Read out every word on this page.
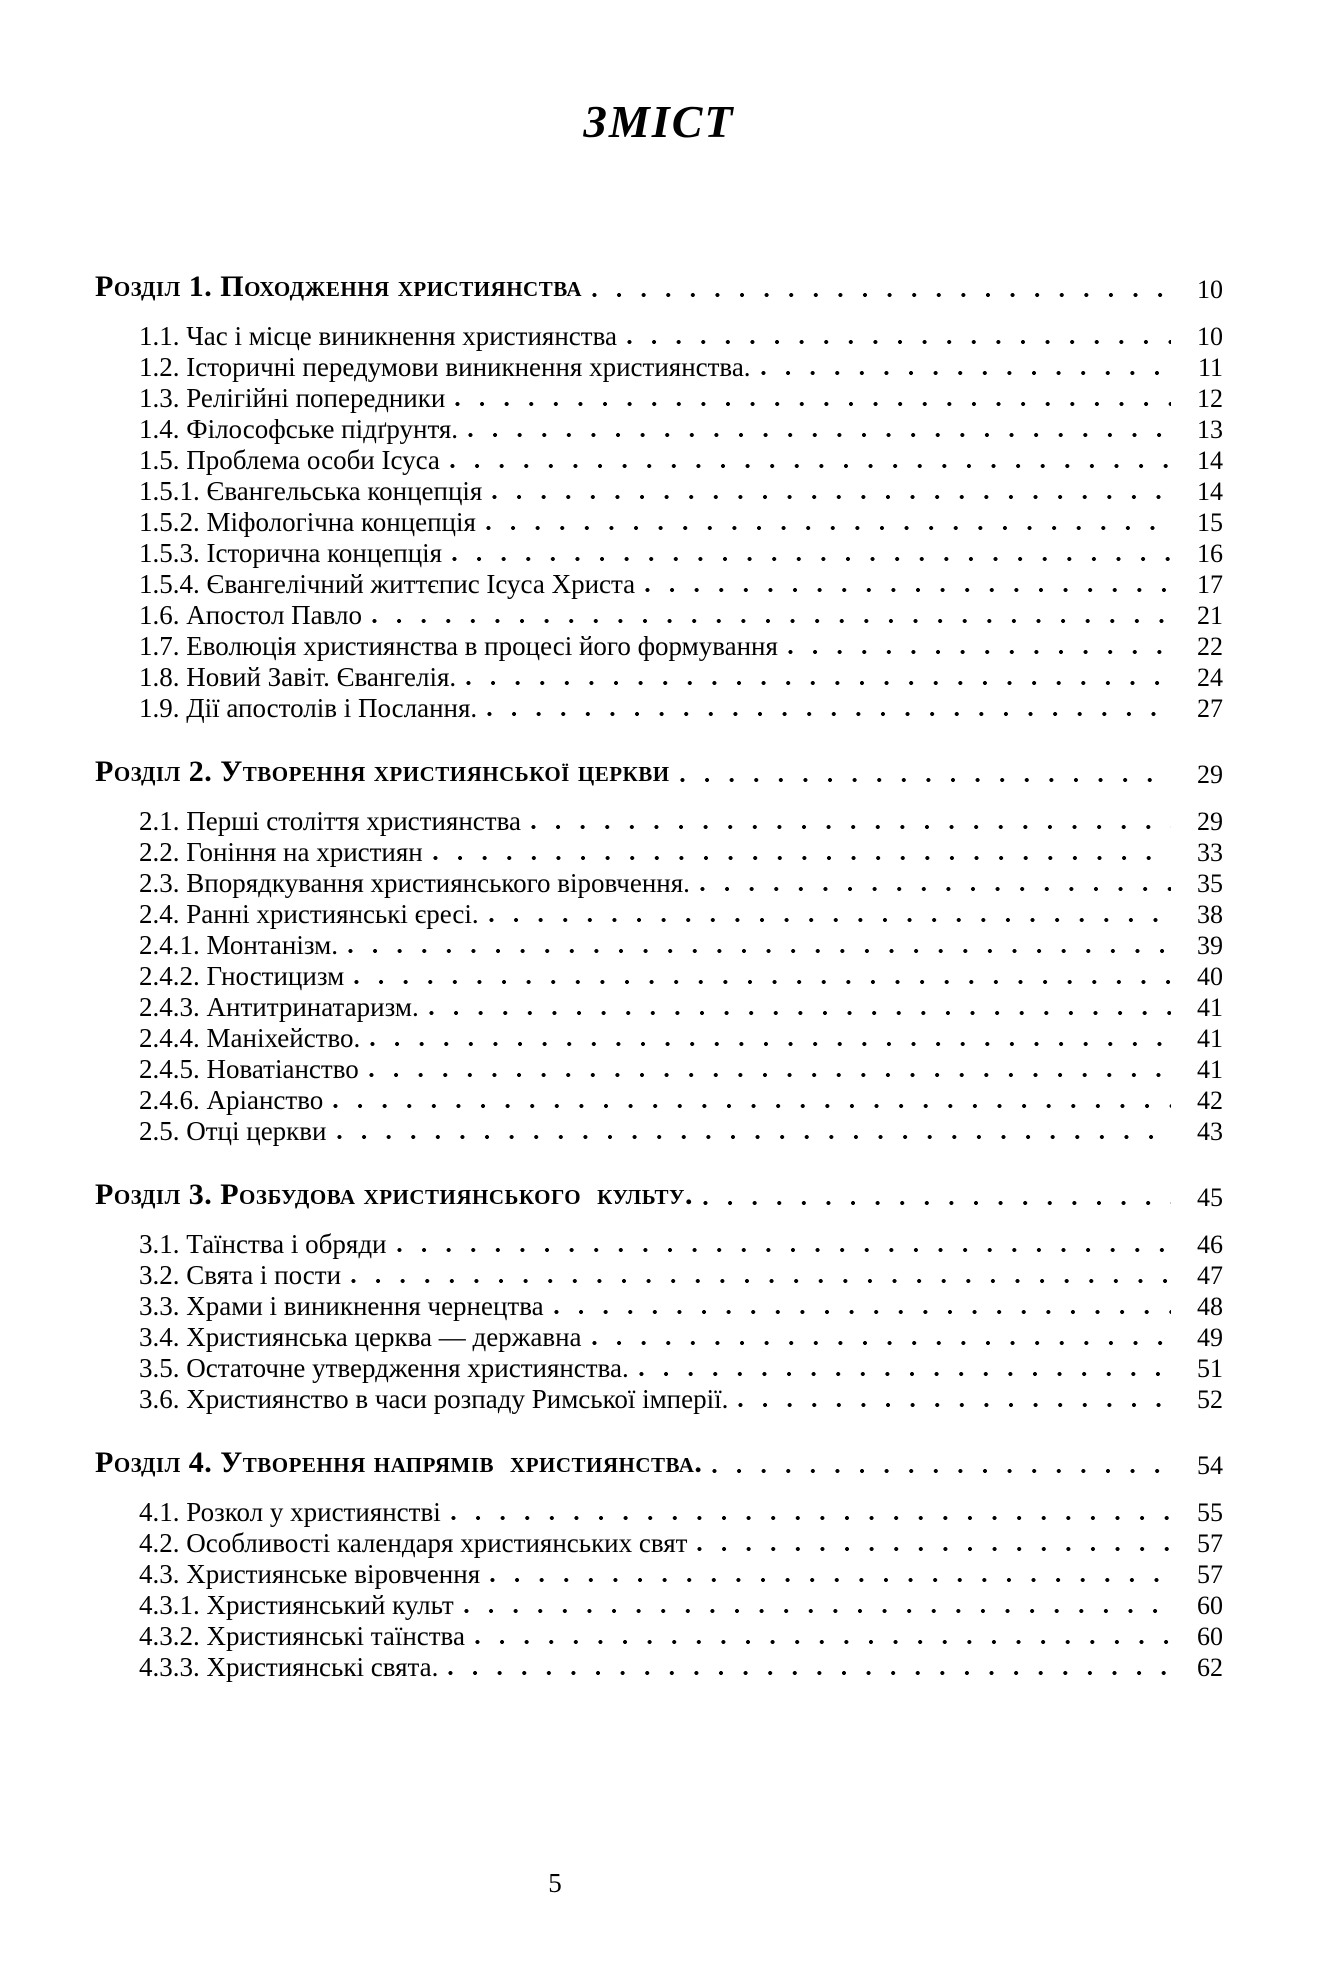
ЗМІСТ
Розділ 1. Походження християнства	10
1.1. Час і місце виникнення християнства	10
1.2. Історичні передумови виникнення християнства.	11
1.3. Релігійні попередники	12
1.4. Філософське підґрунтя.	13
1.5. Проблема особи Ісуса	14
1.5.1. Євангельська концепція	14
1.5.2. Міфологічна концепція	15
1.5.3. Історична концепція	16
1.5.4. Євангелічний життєпис Ісуса Христа	17
1.6. Апостол Павло	21
1.7. Еволюція християнства в процесі його формування	22
1.8. Новий Завіт. Євангелія.	24
1.9. Дії апостолів і Послання.	27
Розділ 2. Утворення християнської церкви	29
2.1. Перші століття християнства	29
2.2. Гоніння на християн	33
2.3. Впорядкування християнського віровчення.	35
2.4. Ранні християнські єресі.	38
2.4.1. Монтанізм.	39
2.4.2. Гностицизм	40
2.4.3. Антитринатаризм.	41
2.4.4. Маніхейство.	41
2.4.5. Новатіанство	41
2.4.6. Аріанство	42
2.5. Отці церкви	43
Розділ 3. Розбудова християнського  культу.	45
3.1. Таїнства і обряди	46
3.2. Свята і пости	47
3.3. Храми і виникнення чернецтва	48
3.4. Християнська церква — державна	49
3.5. Остаточне утвердження християнства.	51
3.6. Християнство в часи розпаду Римської імперії.	52
Розділ 4. Утворення напрямів  християнства.	54
4.1. Розкол у християнстві	55
4.2. Особливості календаря християнських свят	57
4.3. Християнське віровчення	57
4.3.1. Християнський культ	60
4.3.2. Християнські таїнства	60
4.3.3. Християнські свята.	62
5
